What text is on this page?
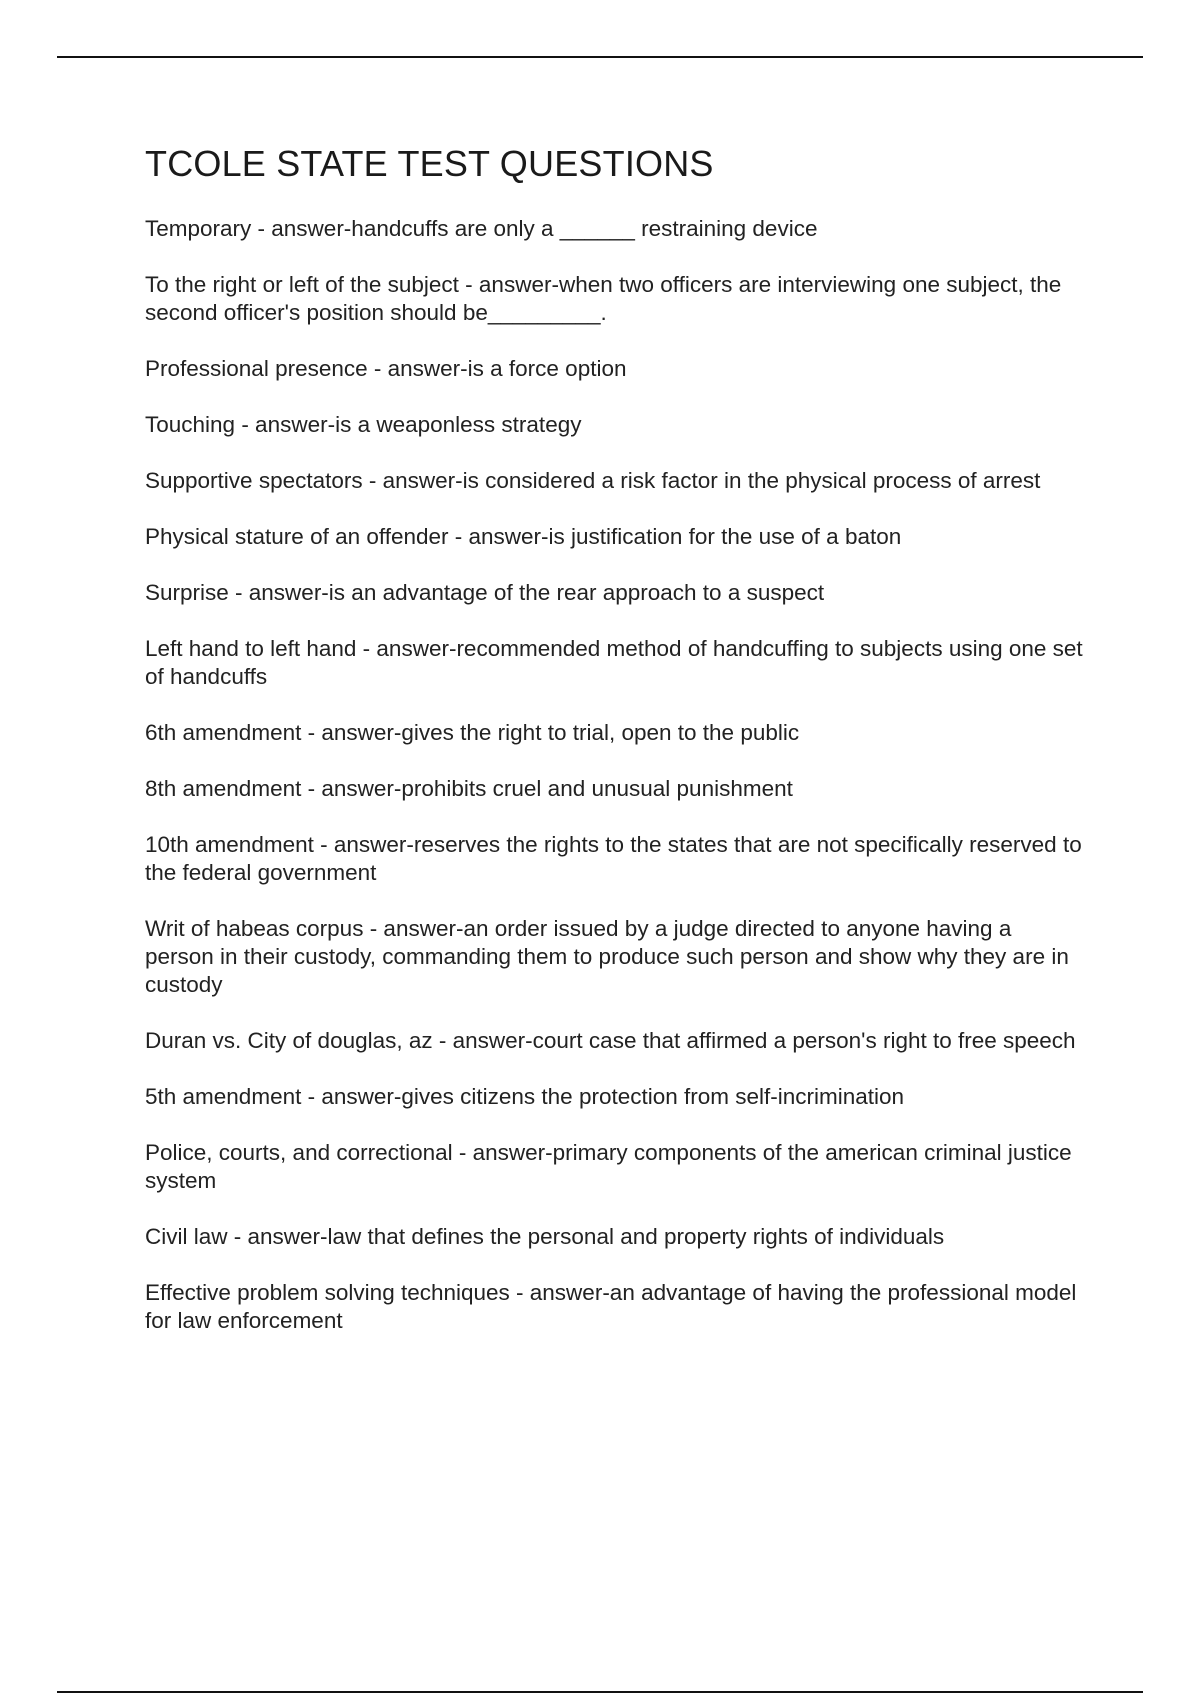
TCOLE STATE TEST QUESTIONS
Temporary - answer-handcuffs are only a ______ restraining device
To the right or left of the subject - answer-when two officers are interviewing one subject, the second officer's position should be_________.
Professional presence - answer-is a force option
Touching - answer-is a weaponless strategy
Supportive spectators - answer-is considered a risk factor in the physical process of arrest
Physical stature of an offender - answer-is justification for the use of a baton
Surprise - answer-is an advantage of the rear approach to a suspect
Left hand to left hand - answer-recommended method of handcuffing to subjects using one set of handcuffs
6th amendment - answer-gives the right to trial, open to the public
8th amendment - answer-prohibits cruel and unusual punishment
10th amendment - answer-reserves the rights to the states that are not specifically reserved to the federal government
Writ of habeas corpus - answer-an order issued by a judge directed to anyone having a person in their custody, commanding them to produce such person and show why they are in custody
Duran vs. City of douglas, az - answer-court case that affirmed a person's right to free speech
5th amendment - answer-gives citizens the protection from self-incrimination
Police, courts, and correctional - answer-primary components of the american criminal justice system
Civil law - answer-law that defines the personal and property rights of individuals
Effective problem solving techniques - answer-an advantage of having the professional model for law enforcement
